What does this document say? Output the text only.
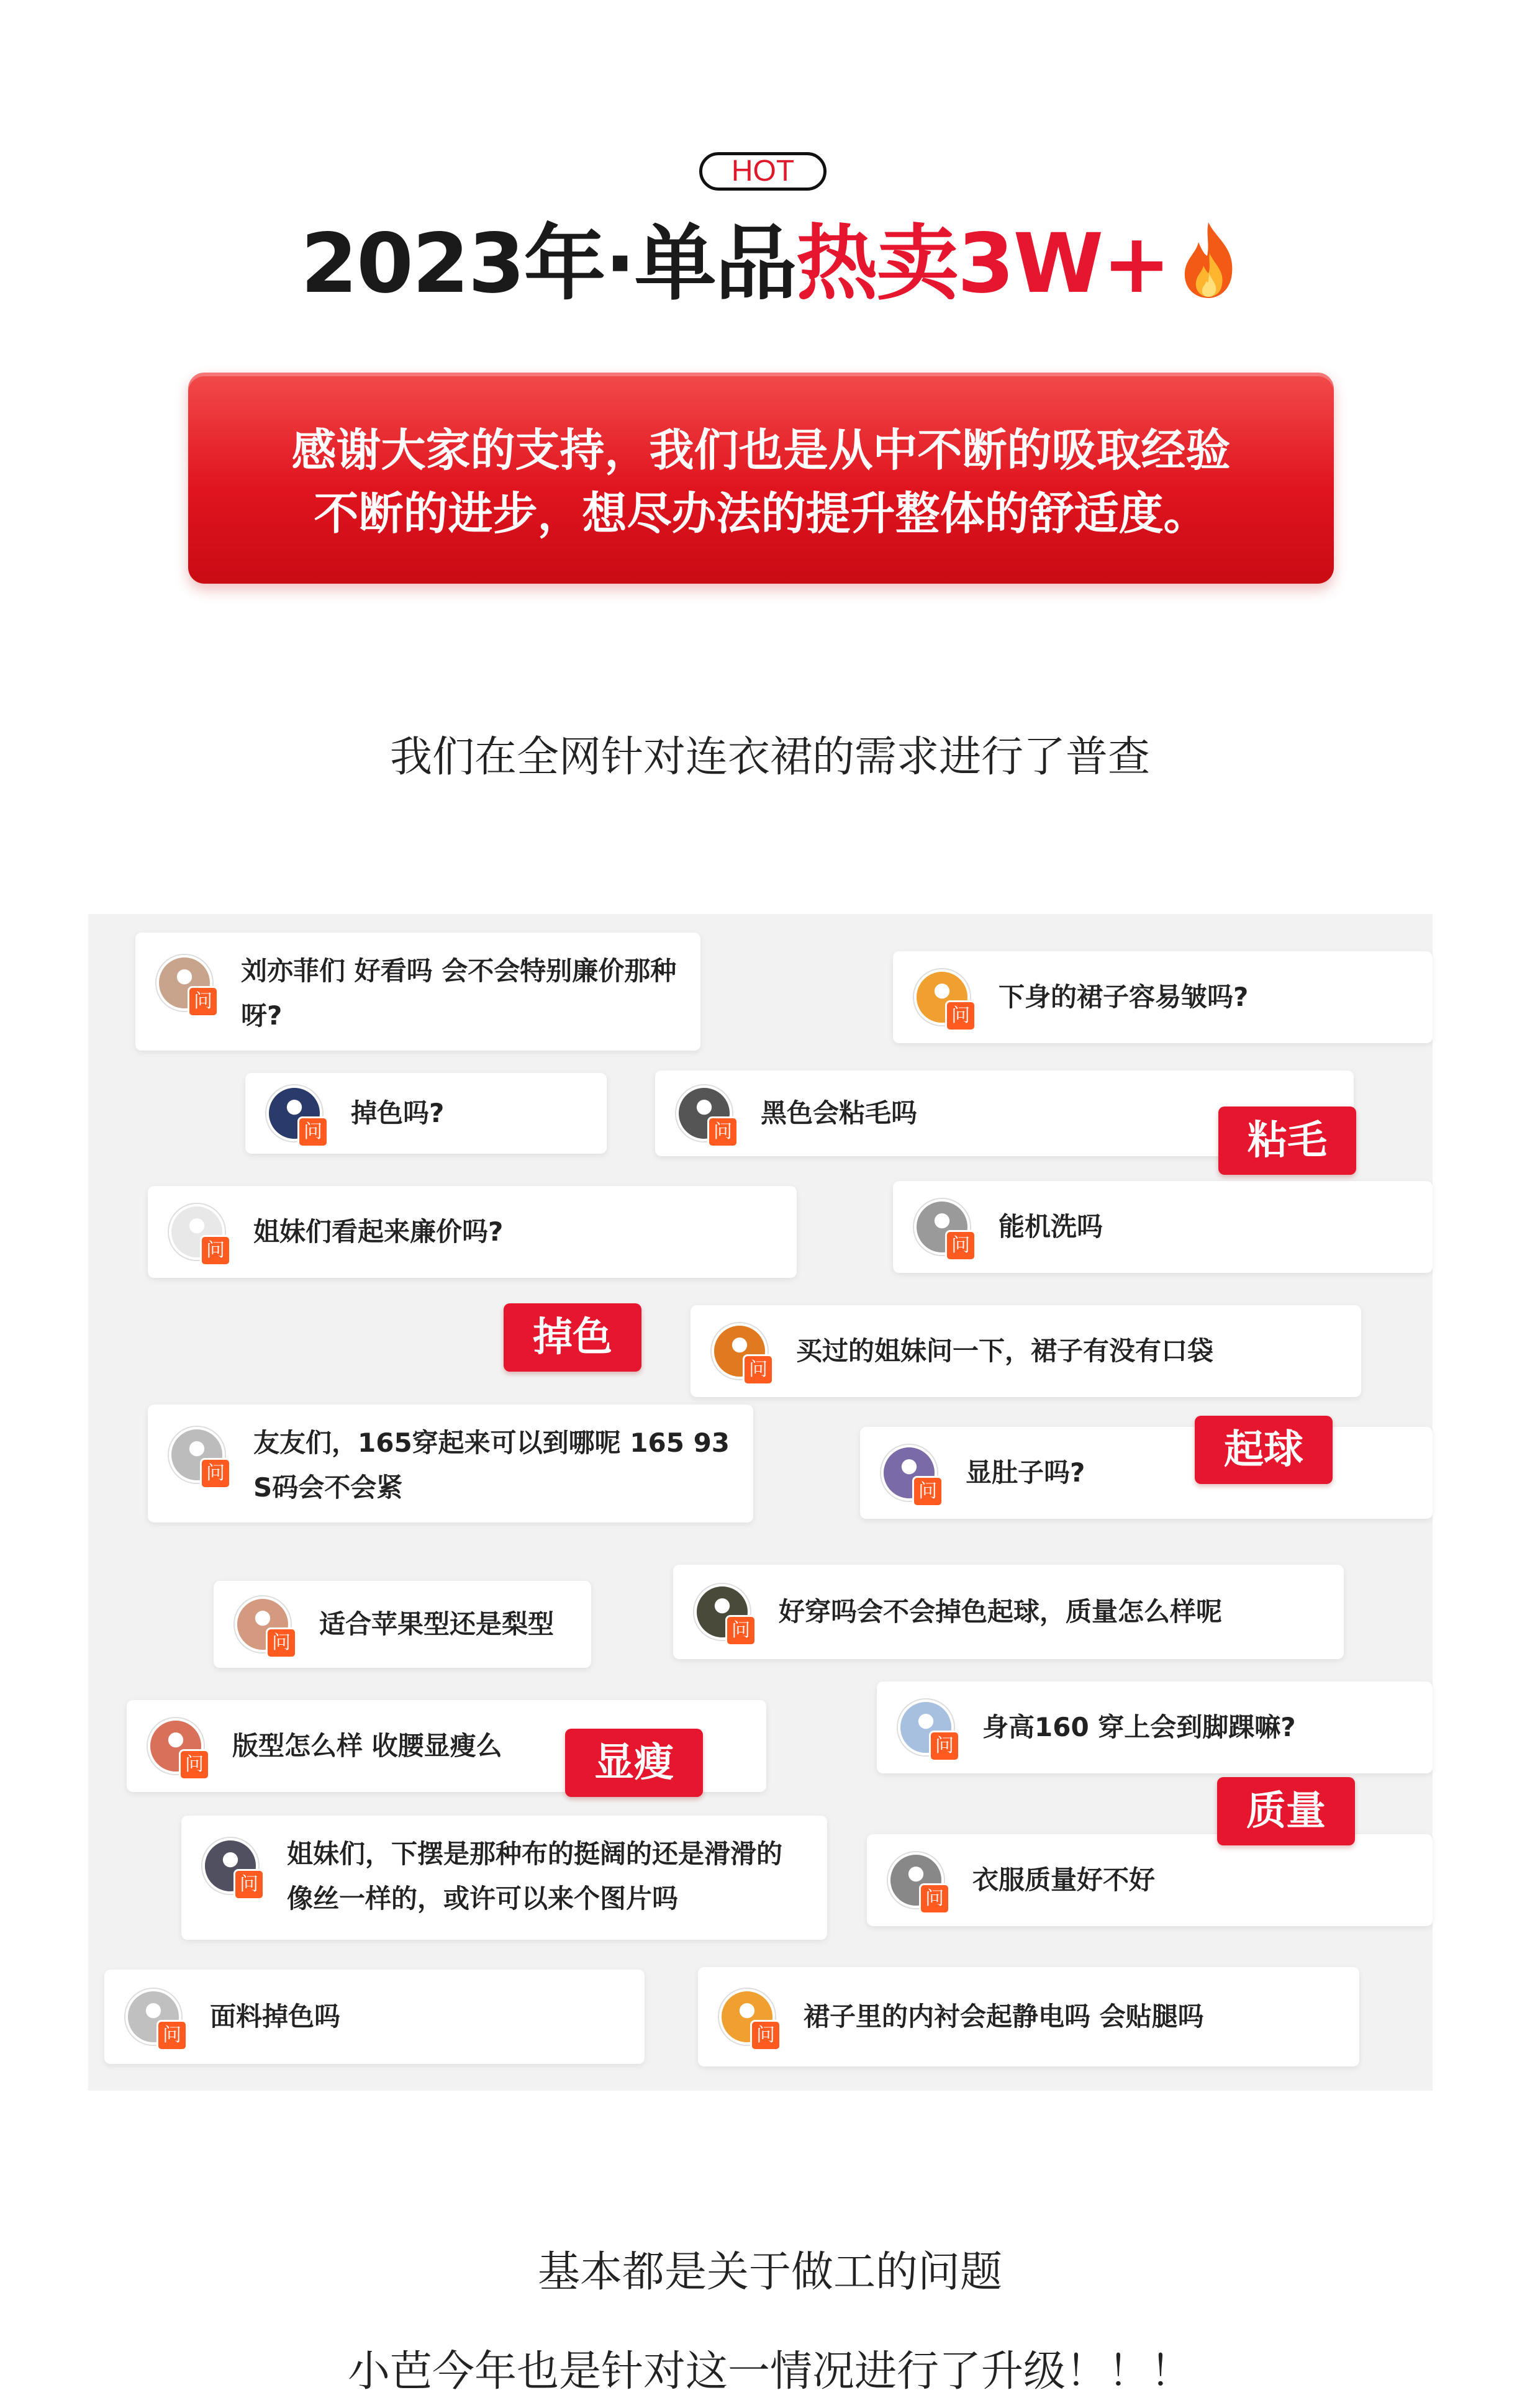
HOT
2023年·单品热卖3W+
感谢大家的支持，我们也是从中不断的吸取经验
不断的进步，想尽办法的提升整体的舒适度。
我们在全网针对连衣裙的需求进行了普查
问
刘亦菲们 好看吗 会不会特别廉价那种呀?	问
下身的裙子容易皱吗?
问
掉色吗?
问
黑色会粘毛吗
问
姐妹们看起来廉价吗?	问
能机洗吗
问
买过的姐妹问一下，裙子有没有口袋
问
友友们，165穿起来可以到哪呢 165 93 S码会不会紧	问
显肚子吗?
问
适合苹果型还是梨型	问
好穿吗会不会掉色起球，质量怎么样呢
问
版型怎么样 收腰显瘦么	问
身高160 穿上会到脚踝嘛?
问
姐妹们，下摆是那种布的挺阔的还是滑滑的像丝一样的，或许可以来个图片吗	问
衣服质量好不好
问
面料掉色吗
问
裙子里的内衬会起静电吗 会贴腿吗
粘毛
掉色
起球
显瘦
质量
基本都是关于做工的问题
小芭今年也是针对这一情况进行了升级！！！
